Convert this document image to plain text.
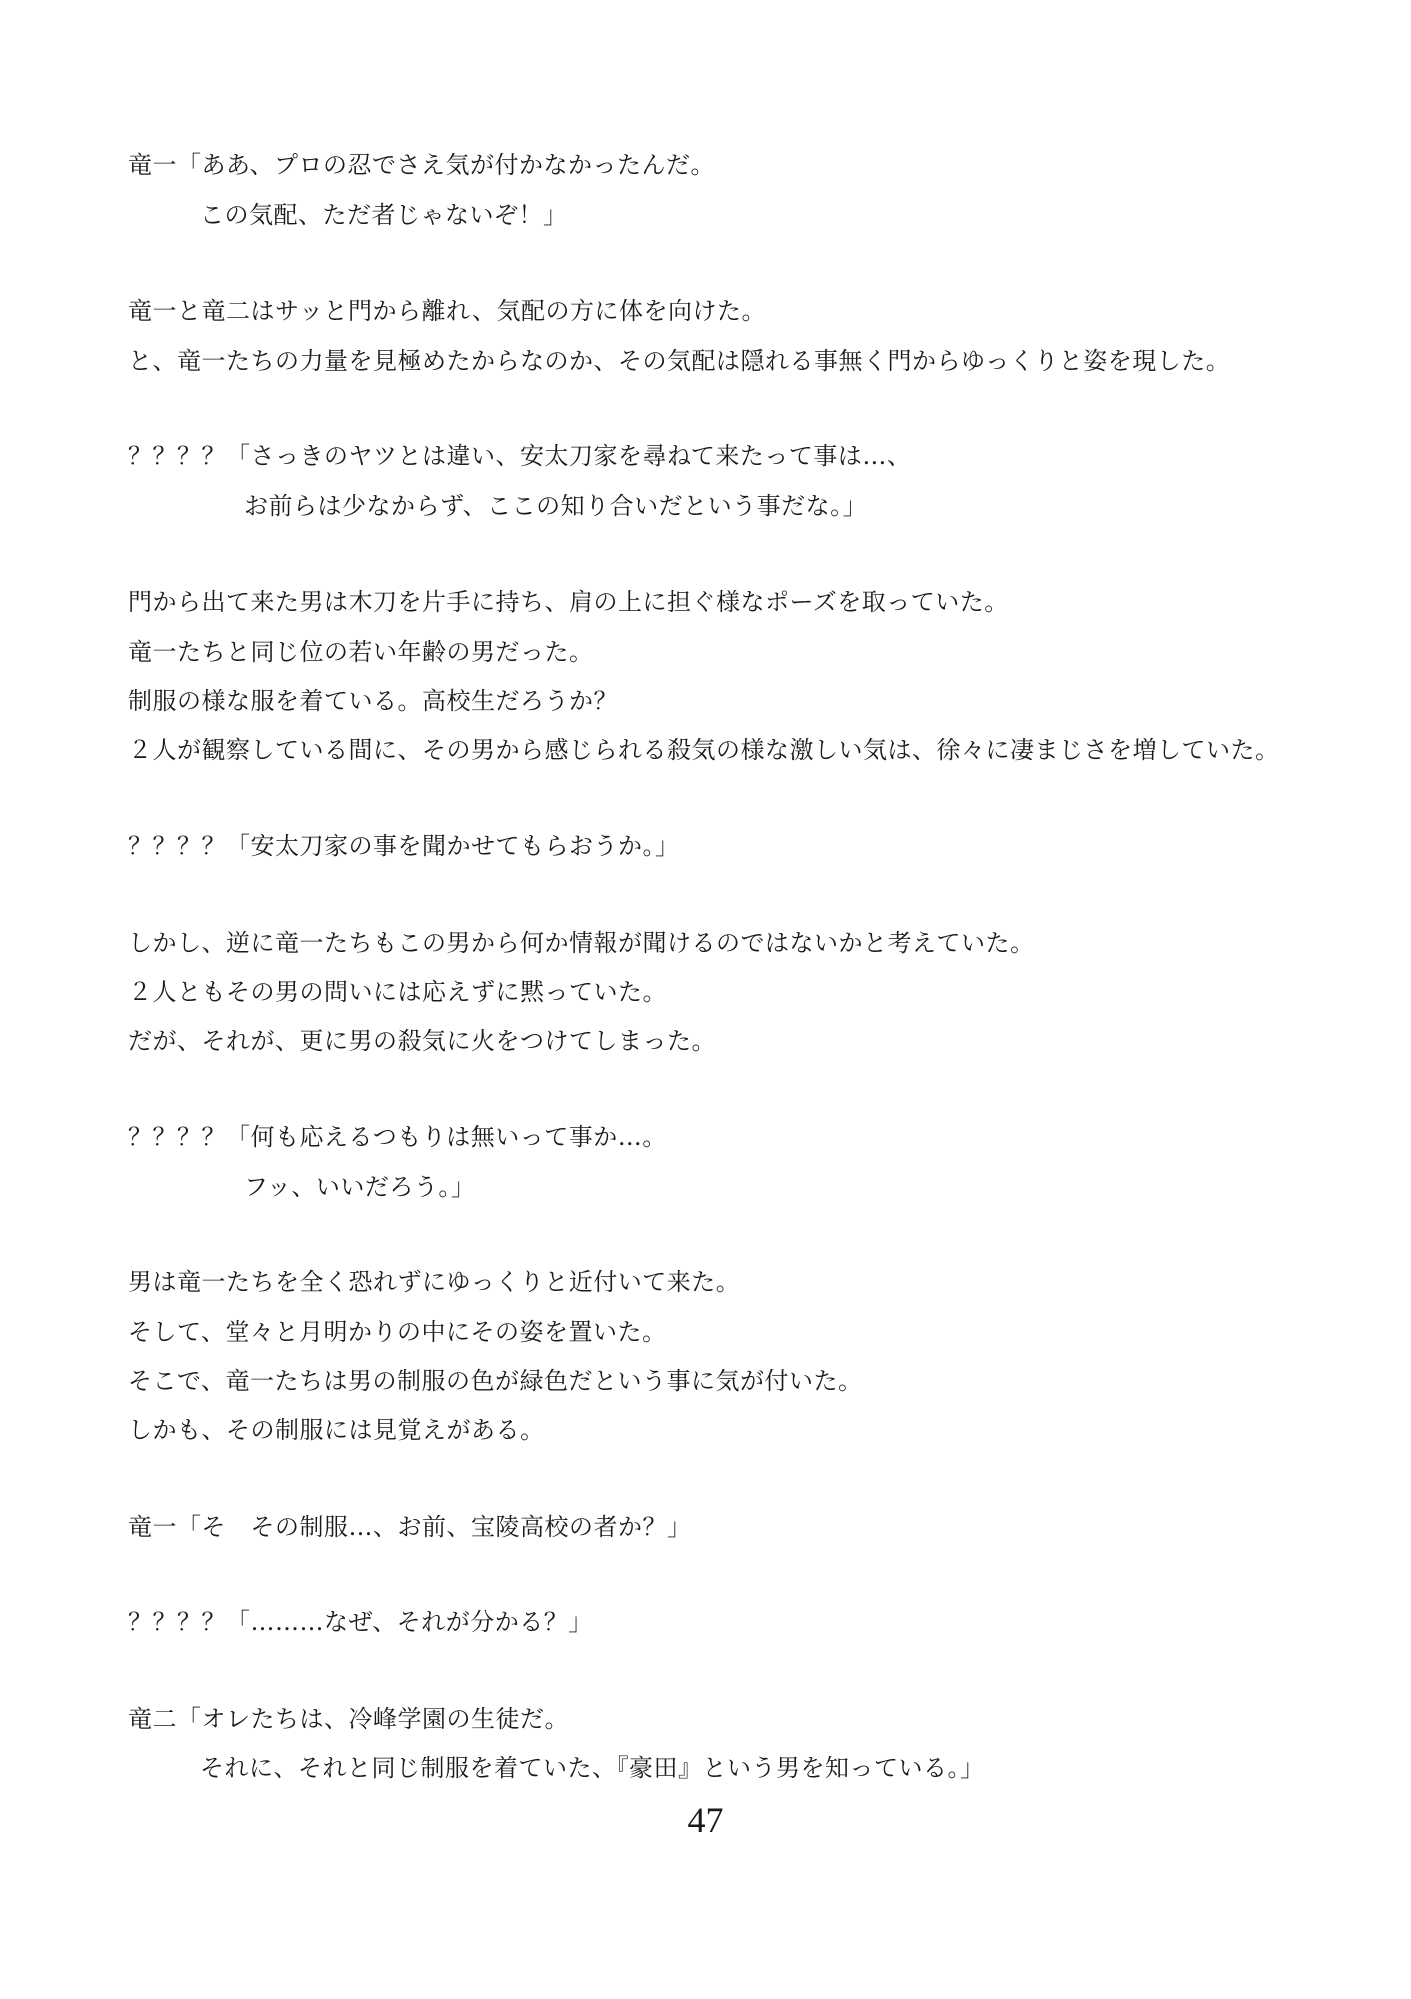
竜一「ああ、プロの忍でさえ気が付かなかったんだ。
この気配、ただ者じゃないぞ！」
竜一と竜二はサッと門から離れ、気配の方に体を向けた。
と、竜一たちの力量を見極めたからなのか、その気配は隠れる事無く門からゆっくりと姿を現した。
？？？？「さっきのヤツとは違い、安太刀家を尋ねて来たって事は…、
お前らは少なからず、ここの知り合いだという事だな。」
門から出て来た男は木刀を片手に持ち、肩の上に担ぐ様なポーズを取っていた。
竜一たちと同じ位の若い年齢の男だった。
制服の様な服を着ている。高校生だろうか？
２人が観察している間に、その男から感じられる殺気の様な激しい気は、徐々に凄まじさを増していた。
？？？？「安太刀家の事を聞かせてもらおうか。」
しかし、逆に竜一たちもこの男から何か情報が聞けるのではないかと考えていた。
２人ともその男の問いには応えずに黙っていた。
だが、それが、更に男の殺気に火をつけてしまった。
？？？？「何も応えるつもりは無いって事か…。
フッ、いいだろう。」
男は竜一たちを全く恐れずにゆっくりと近付いて来た。
そして、堂々と月明かりの中にその姿を置いた。
そこで、竜一たちは男の制服の色が緑色だという事に気が付いた。
しかも、その制服には見覚えがある。
竜一「そ　その制服…、お前、宝陵高校の者か？」
？？？？「………なぜ、それが分かる？」
竜二「オレたちは、冷峰学園の生徒だ。
それに、それと同じ制服を着ていた、『豪田』という男を知っている。」
47
